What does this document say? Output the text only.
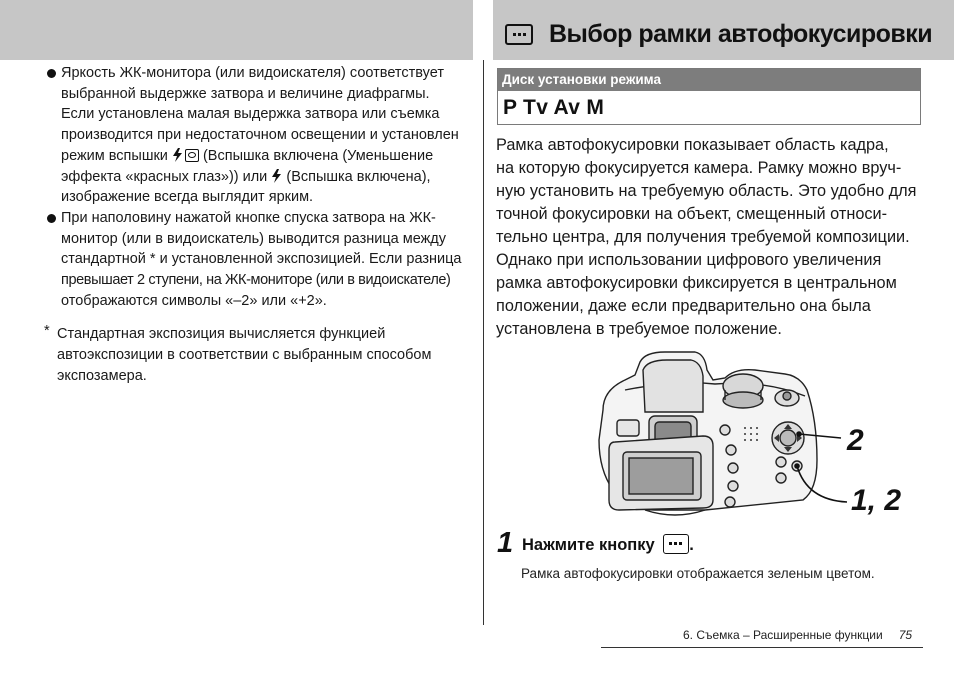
Выбор рамки автофокусировки

Яркость ЖК-монитора (или видоискателя) соответствует

выбранной выдержке затвора и величине диафрагмы.

Если установлена малая выдержка затвора или съемка

производится при недостаточном освещении и установлен

режим вспышки (Вспышка включена (Уменьшение

эффекта «красных глаз»)) или (Вспышка включена),

изображение всегда выглядит ярким.

При наполовину нажатой кнопке спуска затвора на ЖК-

монитор (или в видоискатель) выводится разница между

стандартной * и установленной экспозицией. Если разница

превышает 2 ступени, на ЖК-мониторе (или в видоискателе)

отображаются символы «–2» или «+2».

* Стандартная экспозиция вычисляется функцией

автоэкспозиции в соответствии с выбранным способом

экспозамера.

Диск установки режима
P Tv Av M

Рамка автофокусировки показывает область кадра,

на которую фокусируется камера. Рамку можно вруч-

ную установить на требуемую область. Это удобно для

точной фокусировки на объект, смещенный относи-

тельно центра, для получения требуемой композиции.

Однако при использовании цифрового увеличения

рамка автофокусировки фиксируется в центральном

положении, даже если предварительно она была

установлена в требуемое положение.

2
1, 2
1 Нажмите кнопку .
Рамка автофокусировки отображается зеленым цветом.
6. Съемка – Расширенные функции 75
